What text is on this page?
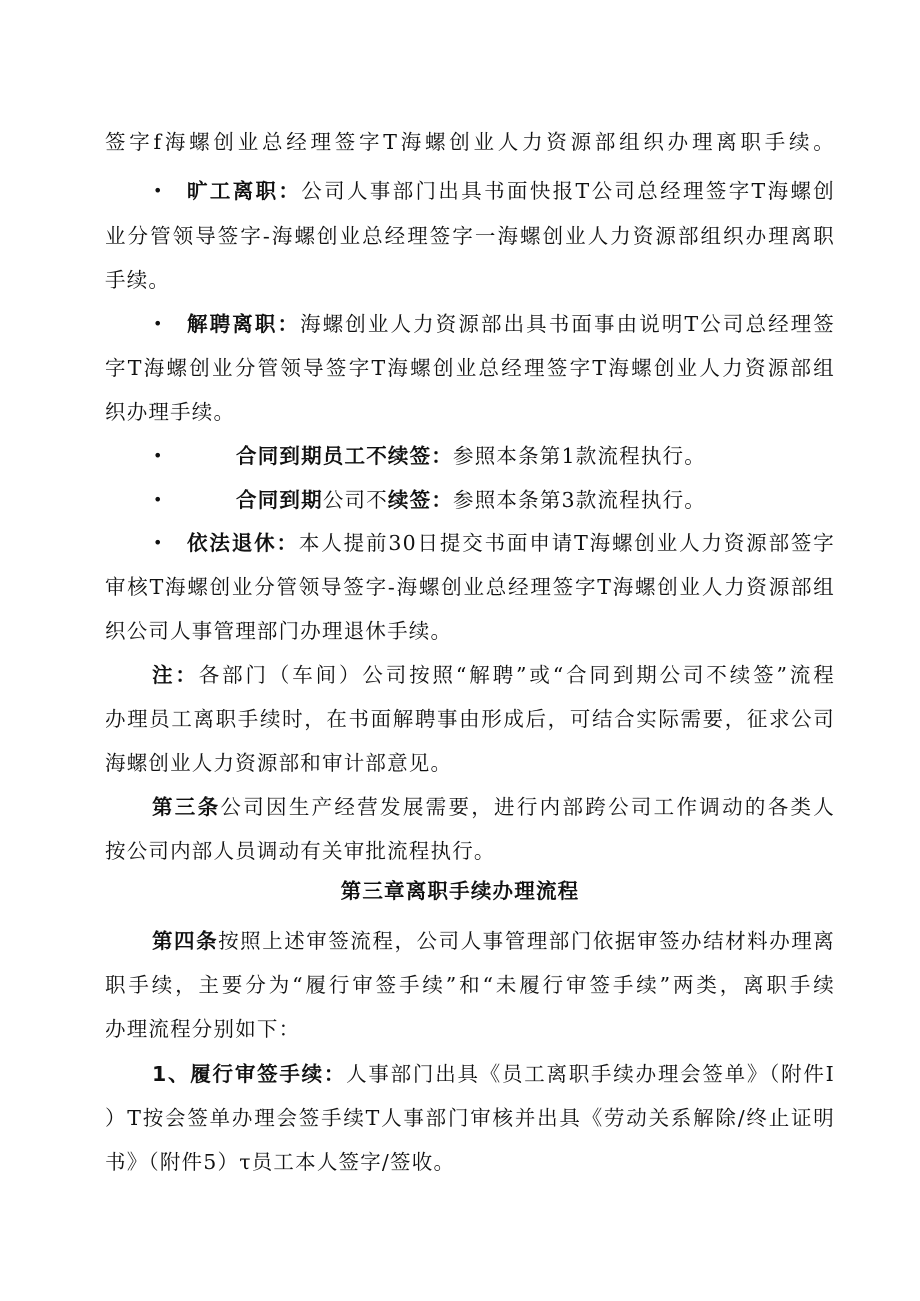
签字f海螺创业总经理签字T海螺创业人力资源部组织办理离职手续。
• 旷工离职：公司人事部门出具书面快报T公司总经理签字T海螺创
业分管领导签字-海螺创业总经理签字一海螺创业人力资源部组织办理离职
手续。
• 解聘离职：海螺创业人力资源部出具书面事由说明T公司总经理签
字T海螺创业分管领导签字T海螺创业总经理签字T海螺创业人力资源部组
织办理手续。
•	合同到期员工不续签：参照本条第1款流程执行。
•	合同到期公司不续签：参照本条第3款流程执行。
• 依法退休：本人提前30日提交书面申请T海螺创业人力资源部签字
审核T海螺创业分管领导签字-海螺创业总经理签字T海螺创业人力资源部组
织公司人事管理部门办理退休手续。
注：各部门（车间）公司按照“解聘”或“合同到期公司不续签”流程
办理员工离职手续时，在书面解聘事由形成后，可结合实际需要，征求公司
海螺创业人力资源部和审计部意见。
第三条公司因生产经营发展需要，进行内部跨公司工作调动的各类人
按公司内部人员调动有关审批流程执行。
第三章离职手续办理流程
第四条按照上述审签流程，公司人事管理部门依据审签办结材料办理离
职手续，主要分为“履行审签手续”和“未履行审签手续”两类，离职手续
办理流程分别如下：
1、履行审签手续：人事部门出具《员工离职手续办理会签单》（附件I
）T按会签单办理会签手续T人事部门审核并出具《劳动关系解除/终止证明
书》（附件5）τ员工本人签字/签收。
